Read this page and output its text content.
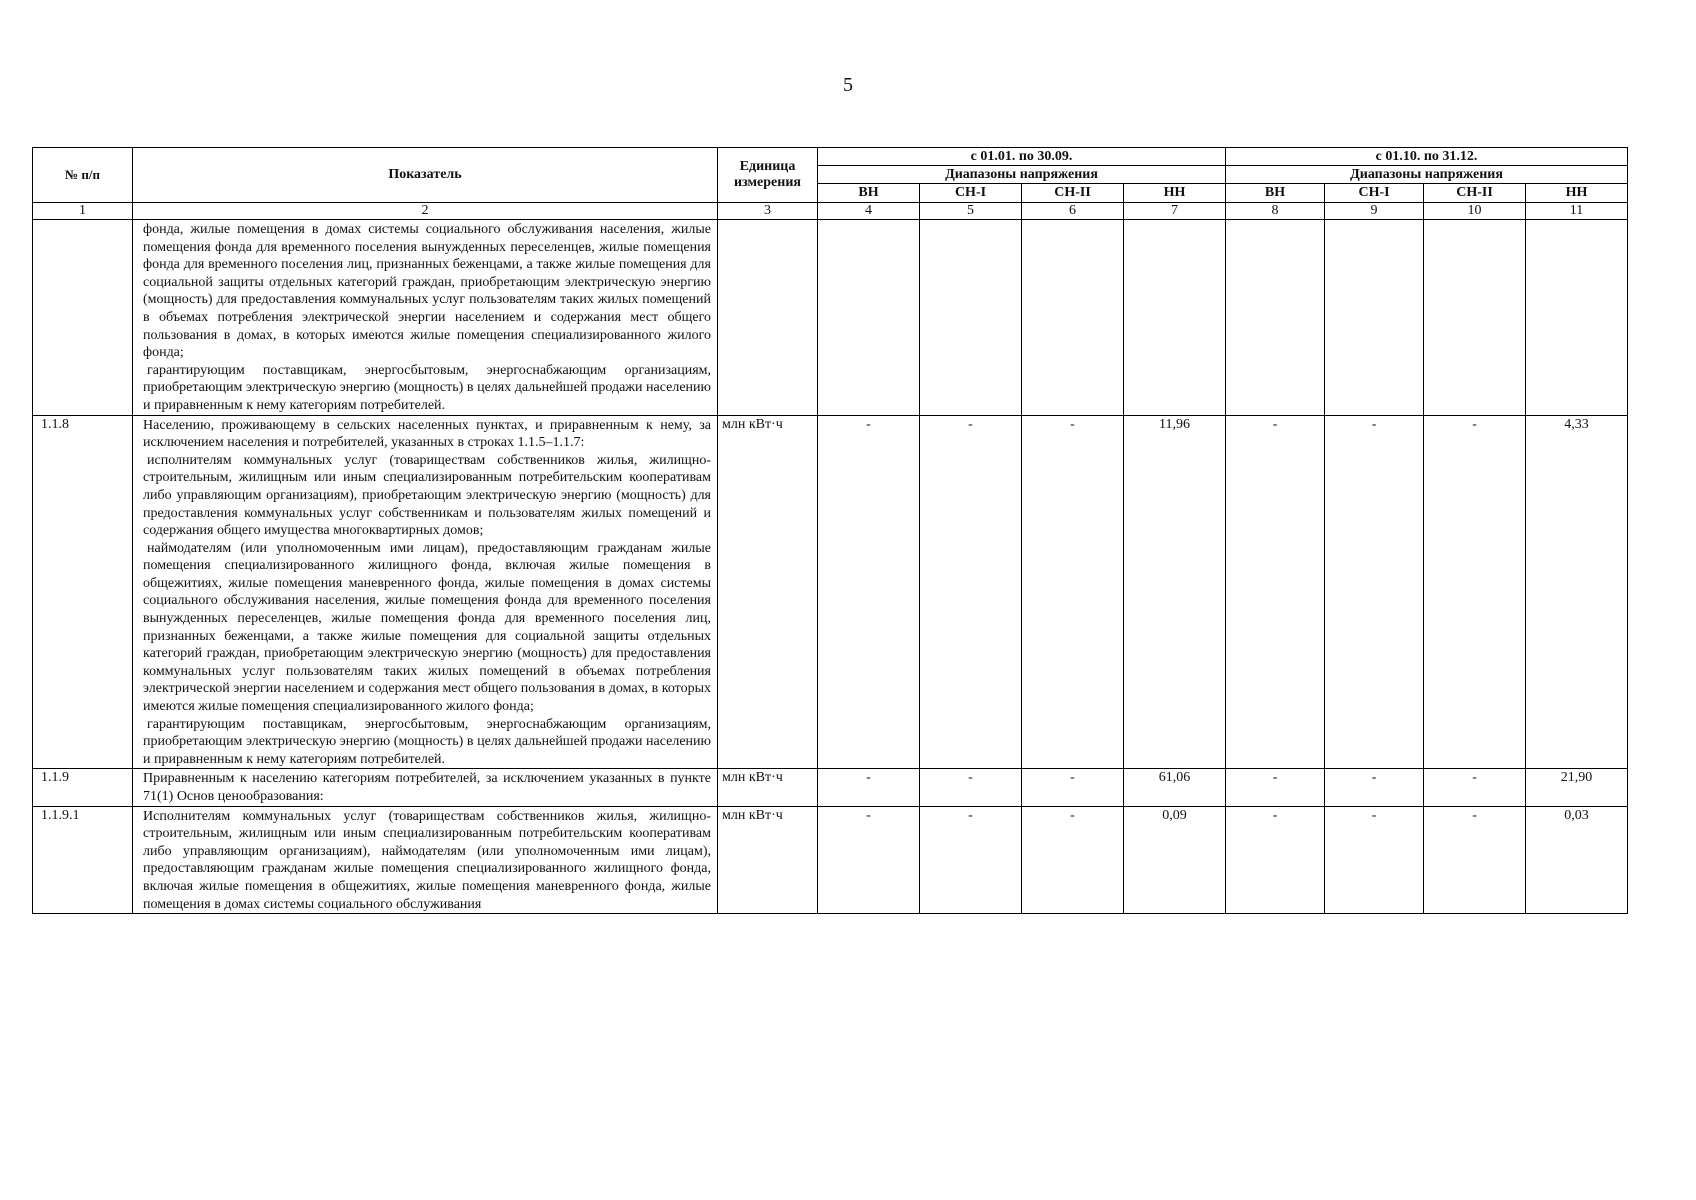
5
№ п/п	Показатель	Единица измерения	с 01.01. по 30.09.				с 01.10. по 31.12.			
			Диапазоны напряжения				Диапазоны напряжения			
			ВН	СН-I	СН-II	НН	ВН	СН-I	СН-II	НН
1	2	3	4	5	6	7	8	9	10	11

	фонда, жилые помещения в домах системы социального обслуживания населения, жилые помещения фонда для временного поселения вынужденных переселенцев, жилые помещения фонда для временного поселения лиц, признанных беженцами, а также жилые помещения для социальной защиты отдельных категорий граждан, приобретающим электрическую энергию (мощность) для предоставления коммунальных услуг пользователям таких жилых помещений в объемах потребления электрической энергии населением и содержания мест общего пользования в домах, в которых имеются жилые помещения специализированного жилого фонда;

гарантирующим поставщикам, энергосбытовым, энергоснабжающим организациям, приобретающим электрическую энергию (мощность) в целях дальнейшей продажи населению и приравненным к нему категориям потребителей.									

1.1.8	Населению, проживающему в сельских населенных пунктах, и приравненным к нему, за исключением населения и потребителей, указанных в строках 1.1.5–1.1.7:

исполнителям коммунальных услуг (товариществам собственников жилья, жилищно-строительным, жилищным или иным специализированным потребительским кооперативам либо управляющим организациям), приобретающим электрическую энергию (мощность) для предоставления коммунальных услуг собственникам и пользователям жилых помещений и содержания общего имущества многоквартирных домов;

наймодателям (или уполномоченным ими лицам), предоставляющим гражданам жилые помещения специализированного жилищного фонда, включая жилые помещения в общежитиях, жилые помещения маневренного фонда, жилые помещения в домах системы социального обслуживания населения, жилые помещения фонда для временного поселения вынужденных переселенцев, жилые помещения фонда для временного поселения лиц, признанных беженцами, а также жилые помещения для социальной защиты отдельных категорий граждан, приобретающим электрическую энергию (мощность) для предоставления коммунальных услуг пользователям таких жилых помещений в объемах потребления электрической энергии населением и содержания мест общего пользования в домах, в которых имеются жилые помещения специализированного жилого фонда;

гарантирующим поставщикам, энергосбытовым, энергоснабжающим организациям, приобретающим электрическую энергию (мощность) в целях дальнейшей продажи населению и приравненным к нему категориям потребителей.	млн кВт·ч	-	-	-	11,96	-	-	-	4,33
1.1.9	Приравненным к населению категориям потребителей, за исключением указанных в пункте 71(1) Основ ценообразования:	млн кВт·ч	-	-	-	61,06	-	-	-	21,90
1.1.9.1	Исполнителям коммунальных услуг (товариществам собственников жилья, жилищно-строительным, жилищным или иным специализированным потребительским кооперативам либо управляющим организациям), наймодателям (или уполномоченным ими лицам), предоставляющим гражданам жилые помещения специализированного жилищного фонда, включая жилые помещения в общежитиях, жилые помещения маневренного фонда, жилые помещения в домах системы социального обслуживания	млн кВт·ч	-	-	-	0,09	-	-	-	0,03
